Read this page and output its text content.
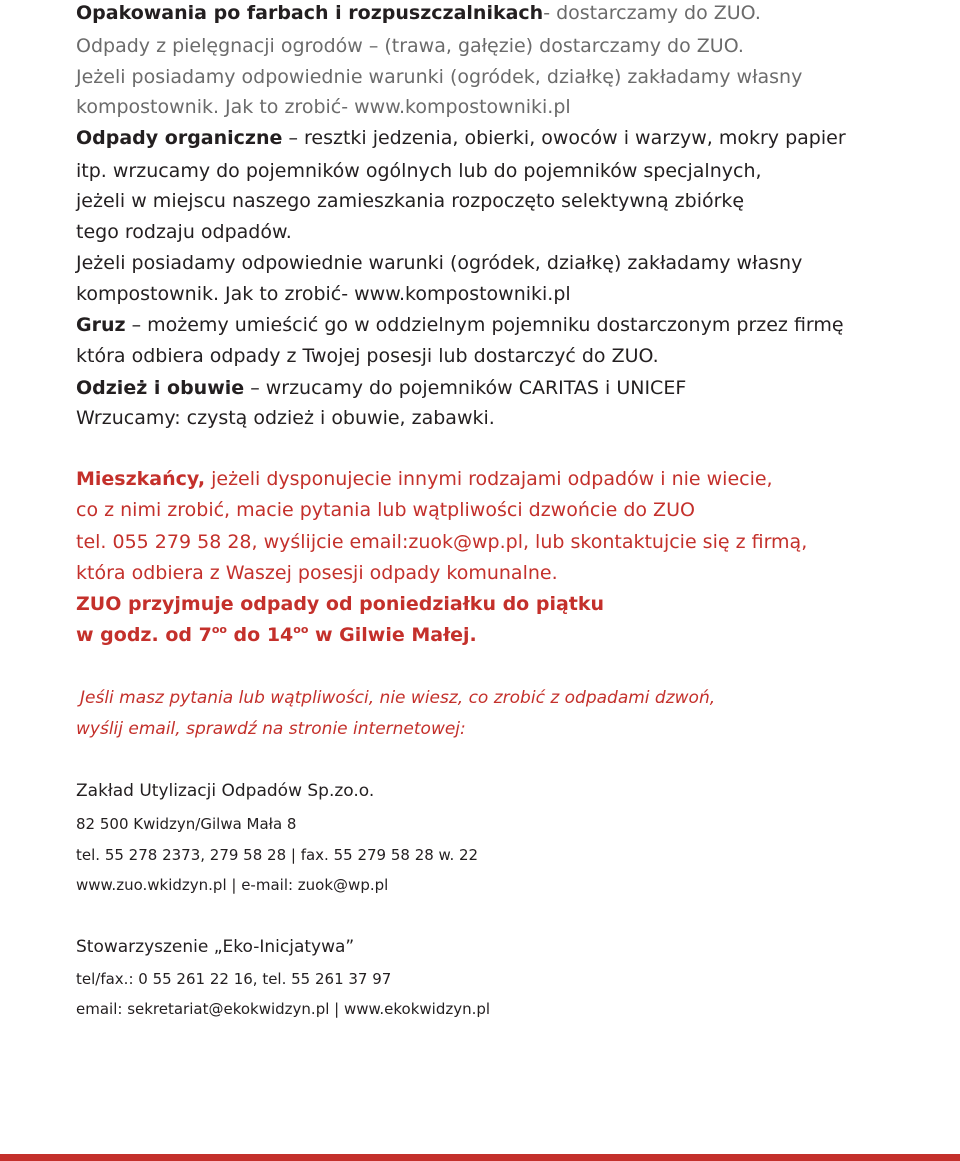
Opakowania po farbach i rozpuszczalnikach- dostarczamy do ZUO.
Odpady z pielęgnacji ogrodów – (trawa, gałęzie) dostarczamy do ZUO.
Jeżeli posiadamy odpowiednie warunki (ogródek, działkę) zakładamy własny
kompostownik. Jak to zrobić- www.kompostowniki.pl
Odpady organiczne – resztki jedzenia, obierki, owoców i warzyw, mokry papier
itp. wrzucamy do pojemników ogólnych lub do pojemników specjalnych,
jeżeli w miejscu naszego zamieszkania rozpoczęto selektywną zbiórkę
tego rodzaju odpadów.
Jeżeli posiadamy odpowiednie warunki (ogródek, działkę) zakładamy własny
kompostownik. Jak to zrobić- www.kompostowniki.pl
Gruz – możemy umieścić go w oddzielnym pojemniku dostarczonym przez firmę
która odbiera odpady z Twojej posesji lub dostarczyć do ZUO.
Odzież i obuwie – wrzucamy do pojemników CARITAS i UNICEF
Wrzucamy: czystą odzież i obuwie, zabawki.
Mieszkańcy, jeżeli dysponujecie innymi rodzajami odpadów i nie wiecie,
co z nimi zrobić, macie pytania lub wątpliwości dzwońcie do ZUO
tel. 055 279 58 28, wyślijcie email:zuok@wp.pl, lub skontaktujcie się z firmą,
która odbiera z Waszej posesji odpady komunalne.
ZUO przyjmuje odpady od poniedziałku do piątku
w godz. od $7^{oo}$ do $14^{oo}$ w Gilwie Małej.
Jeśli masz pytania lub wątpliwości, nie wiesz, co zrobić z odpadami dzwoń,
wyślij email, sprawdź na stronie internetowej:
Zakład Utylizacji Odpadów Sp.zo.o.
82 500 Kwidzyn/Gilwa Mała 8
tel. 55 278 2373, 279 58 28 | fax. 55 279 58 28 w. 22
www.zuo.wkidzyn.pl | e-mail: zuok@wp.pl
Stowarzyszenie „Eko-Inicjatywa”
tel/fax.: 0 55 261 22 16, tel. 55 261 37 97
email: sekretariat@ekokwidzyn.pl | www.ekokwidzyn.pl
